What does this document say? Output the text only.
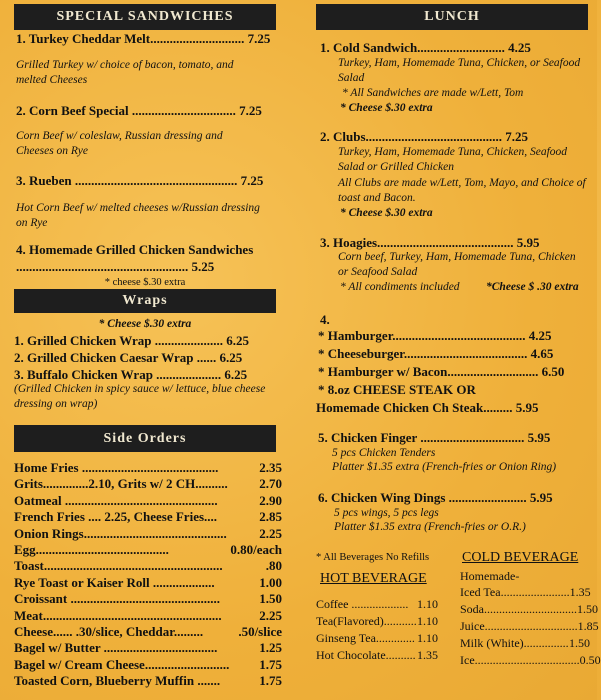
SPECIAL SANDWICHES
1. Turkey Cheddar Melt............................. 7.25
Grilled Turkey w/ choice of bacon, tomato, and melted Cheeses
2. Corn Beef Special ................................ 7.25
Corn Beef w/ coleslaw, Russian dressing and Cheeses on Rye
3. Rueben .................................................. 7.25
Hot Corn Beef w/ melted cheeses w/Russian dressing on Rye
4. Homemade Grilled Chicken Sandwiches
..................................................... 5.25
* cheese $.30 extra
Wraps
* Cheese $.30 extra
1. Grilled Chicken Wrap ..................... 6.25
2. Grilled Chicken Caesar Wrap ...... 6.25
3. Buffalo Chicken Wrap .................... 6.25
(Grilled Chicken in spicy sauce w/ lettuce, blue cheese dressing on wrap)
Side Orders
Home Fries ..........................................	2.35
Grits..............2.10, Grits w/ 2 CH.......... 2.70
Oatmeal ...............................................	2.90
French Fries .... 2.25, Cheese Fries....	2.85
Onion Rings............................................	2.25
Egg.........................................	0.80/each
Toast.......................................................	.80
Rye Toast or Kaiser Roll ...................	1.00
Croissant ..............................................	1.50
Meat.......................................................	2.25
Cheese...... .30/slice, Cheddar.........	.50/slice
Bagel w/ Butter ...................................	1.25
Bagel w/ Cream Cheese.......................... 1.75
Toasted Corn, Blueberry Muffin .......	1.75
LUNCH
1. Cold Sandwich........................... 4.25
Turkey, Ham, Homemade Tuna, Chicken, or Seafood Salad
* All Sandwiches are made w/Lett, Tom
* Cheese $.30 extra
2. Clubs.......................................... 7.25
Turkey, Ham, Homemade Tuna, Chicken, Seafood Salad or Grilled Chicken
All Clubs are made w/Lett, Tom, Mayo, and Choice of toast and Bacon.
* Cheese $.30 extra
3. Hoagies.......................................... 5.95
Corn beef, Turkey, Ham, Homemade Tuna, Chicken or Seafood Salad
* All condiments included *Cheese $ .30 extra
4.
* Hamburger......................................... 4.25
* Cheeseburger...................................... 4.65
* Hamburger w/ Bacon............................ 6.50
* 8.oz CHEESE STEAK OR
Homemade Chicken Ch Steak......... 5.95
5. Chicken Finger ................................ 5.95
5 pcs Chicken Tenders
Platter $1.35 extra (French-fries or Onion Ring)
6. Chicken Wing Dings ........................ 5.95
5 pcs wings, 5 pcs legs
Platter $1.35 extra (French-fries or O.R.)
* All Beverages No Refills
HOT BEVERAGE
Coffee ................... 1.10
Tea(Flavored)........... 1.10
Ginseng Tea............. 1.10
Hot Chocolate.......... 1.35
COLD BEVERAGE
Homemade-
Iced Tea....................... 1.35
Soda............................... 1.50
Juice............................... 1.85
Milk (White)............... 1.50
Ice................................... 0.50
